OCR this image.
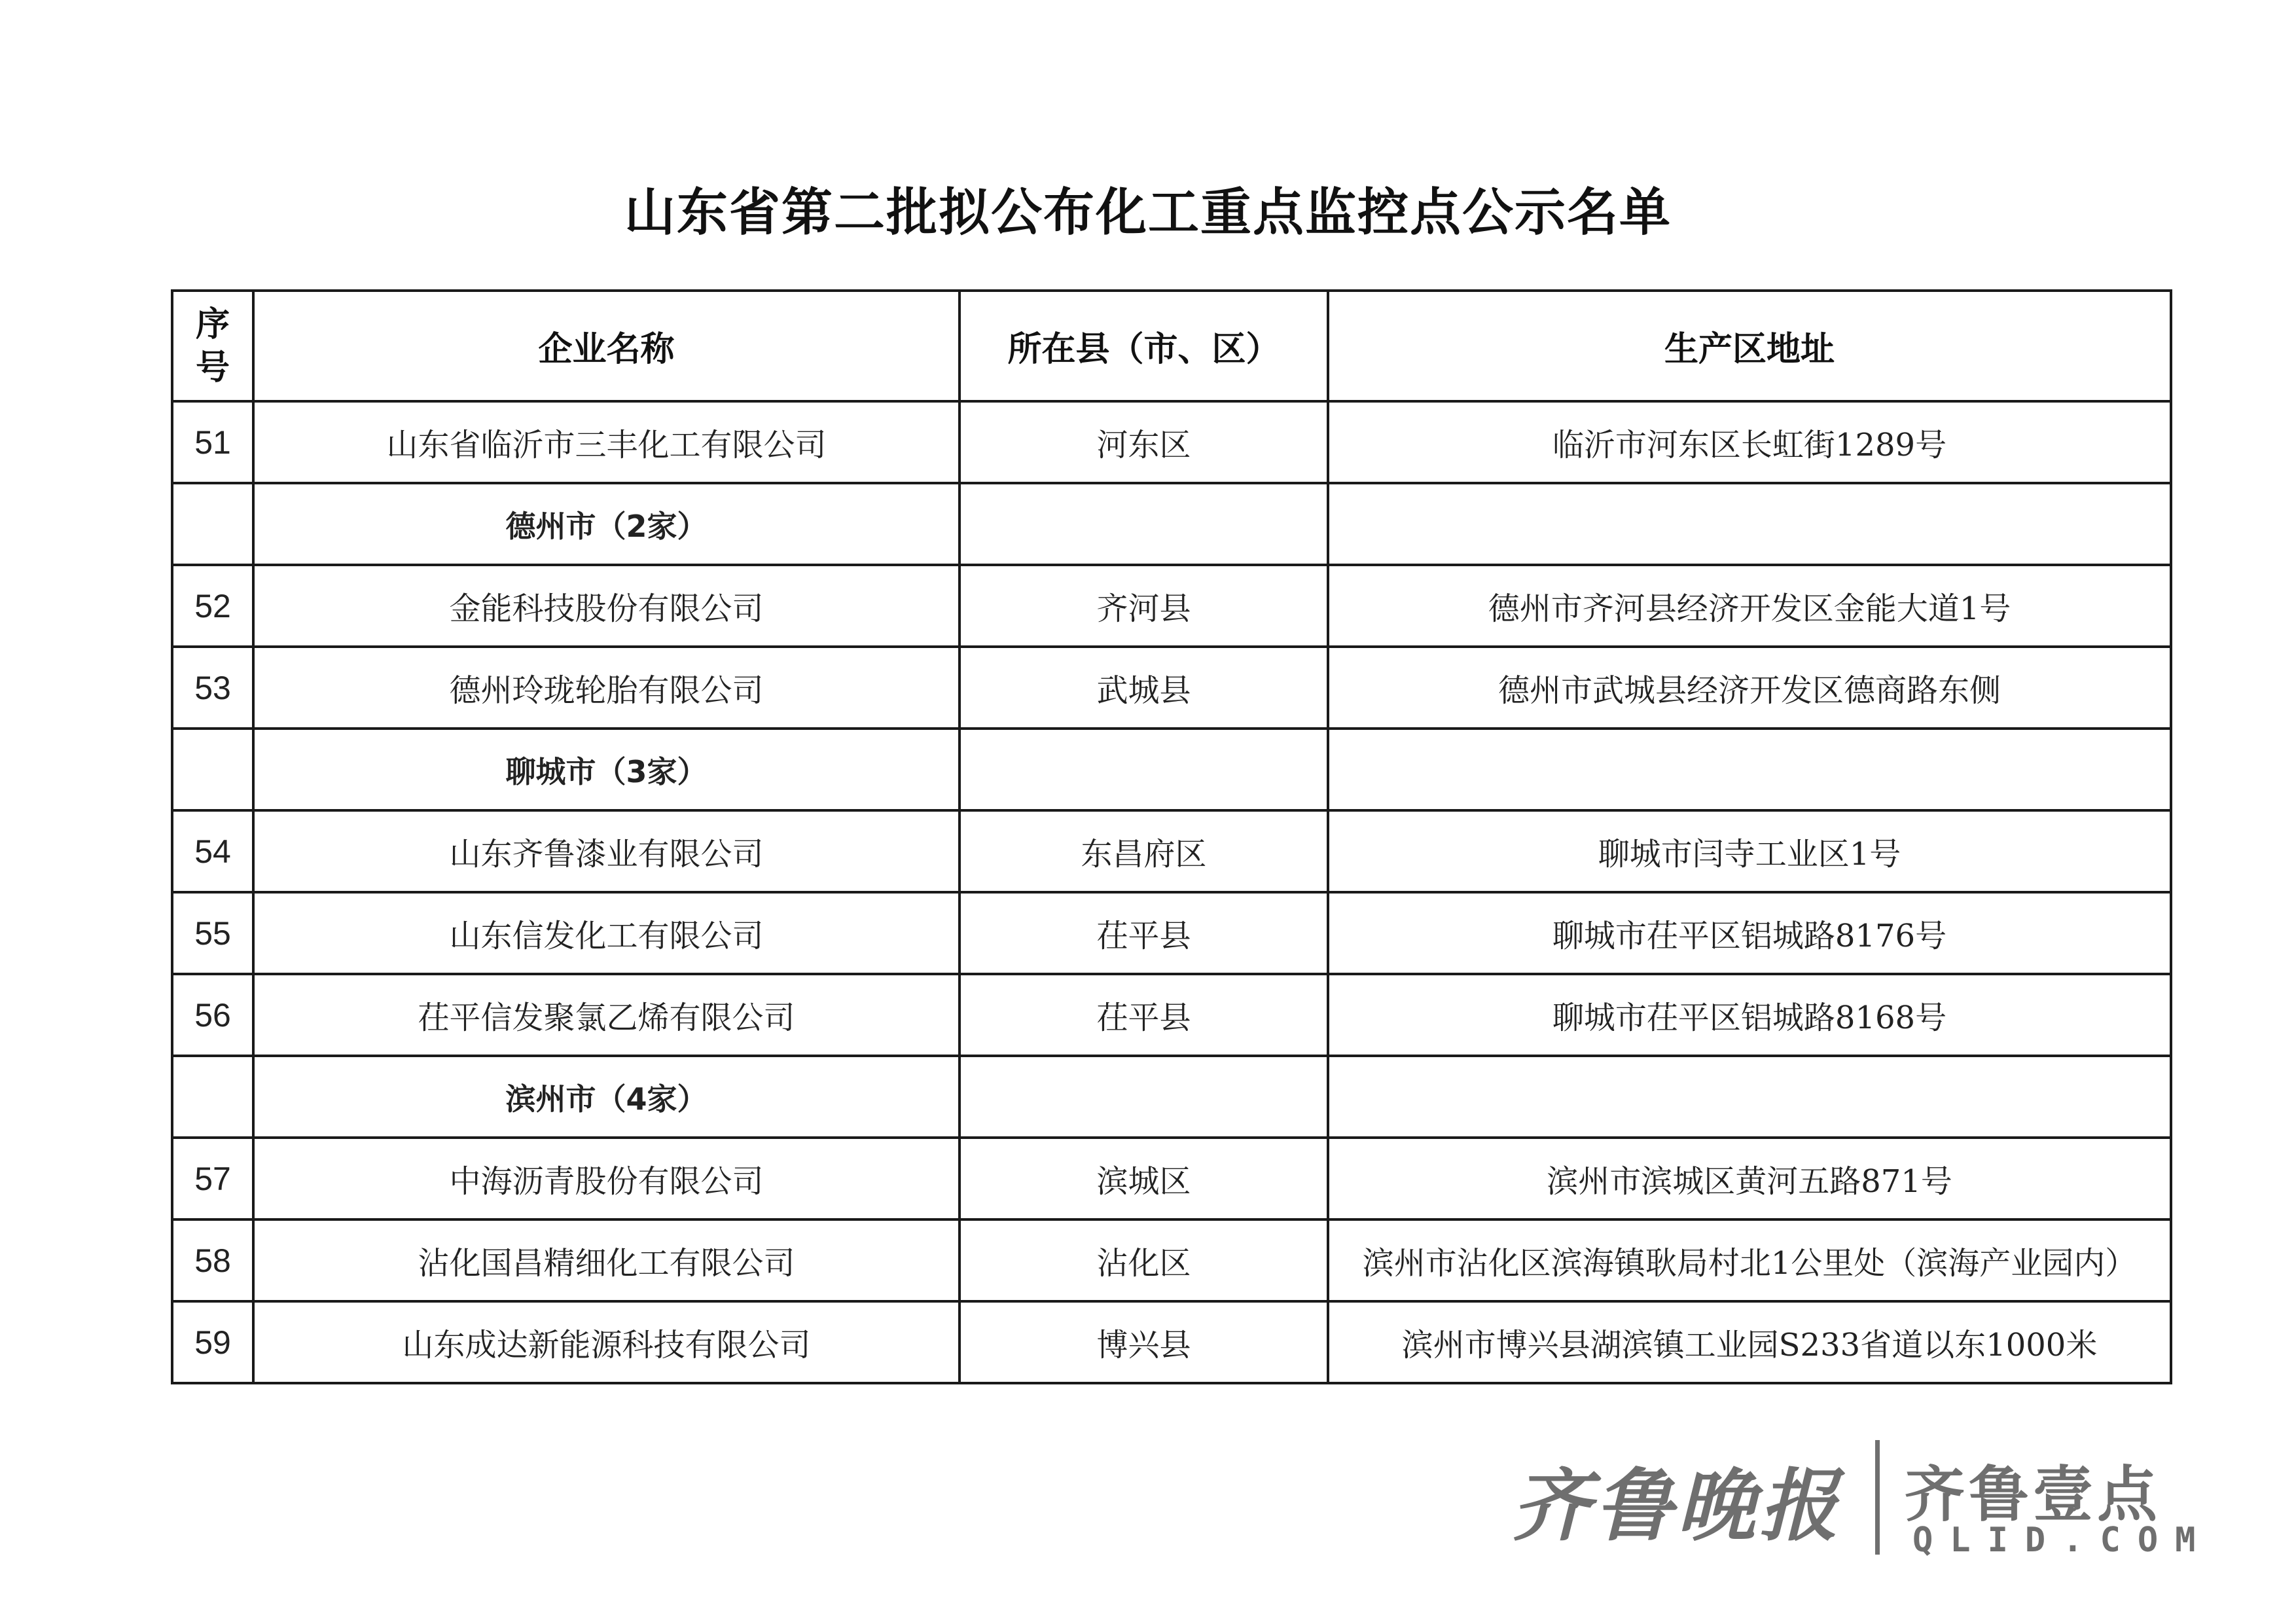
山东省第二批拟公布化工重点监控点公示名单
序
号	企业名称	所在县（市、区）	生产区地址
51	山东省临沂市三丰化工有限公司	河东区	临沂市河东区长虹街1289号
	德州市（2家）		
52	金能科技股份有限公司	齐河县	德州市齐河县经济开发区金能大道1号
53	德州玲珑轮胎有限公司	武城县	德州市武城县经济开发区德商路东侧
	聊城市（3家）		
54	山东齐鲁漆业有限公司	东昌府区	聊城市闫寺工业区1号
55	山东信发化工有限公司	茌平县	聊城市茌平区铝城路8176号
56	茌平信发聚氯乙烯有限公司	茌平县	聊城市茌平区铝城路8168号
	滨州市（4家）		
57	中海沥青股份有限公司	滨城区	滨州市滨城区黄河五路871号
58	沾化国昌精细化工有限公司	沾化区	滨州市沾化区滨海镇耿局村北1公里处（滨海产业园内）
59	山东成达新能源科技有限公司	博兴县	滨州市博兴县湖滨镇工业园S233省道以东1000米
齐鲁晚报 齐鲁壹点
QLID.COM
